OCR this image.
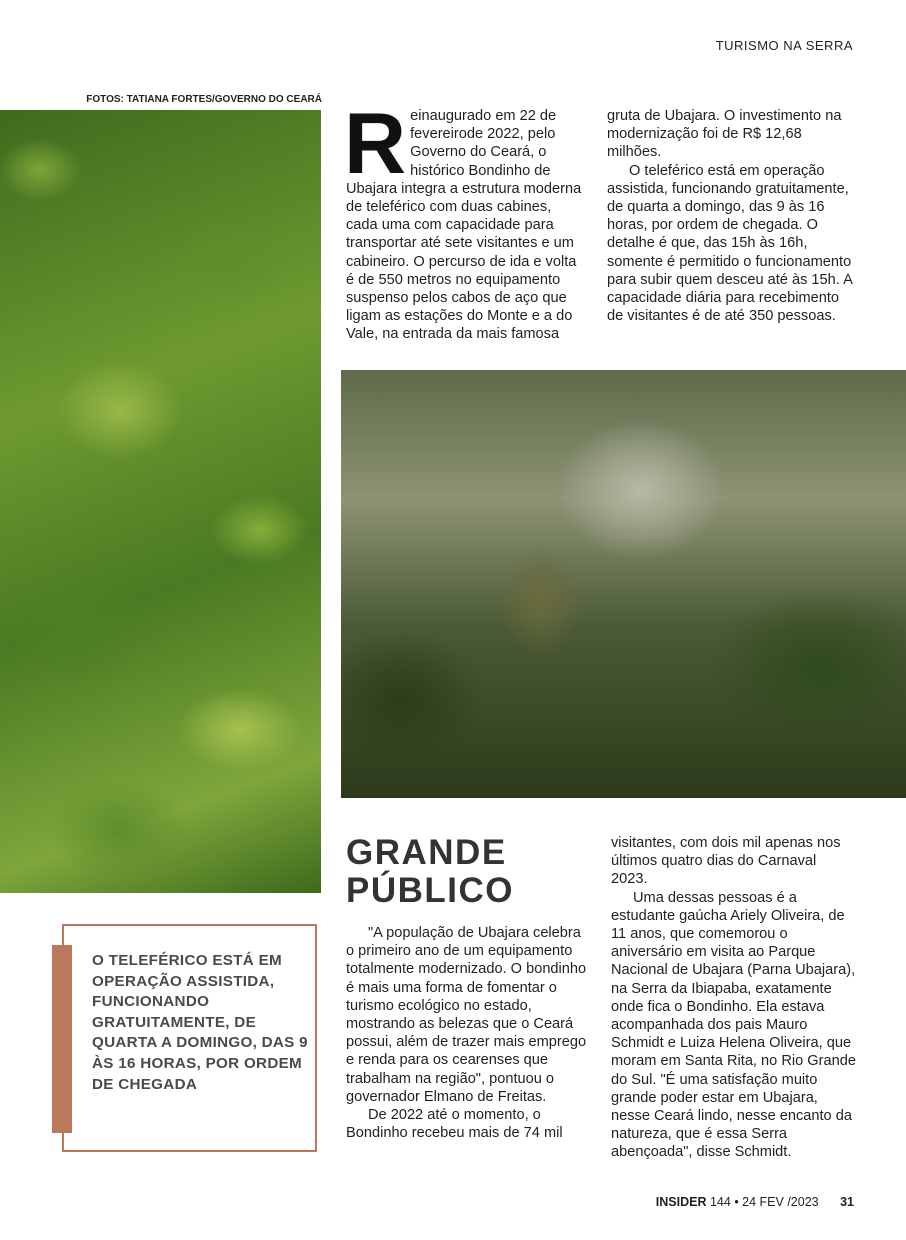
TURISMO NA SERRA
FOTOS: TATIANA FORTES/GOVERNO DO CEARÁ R einaugurado em 22 de fevereirode 2022, pelo Governo do Ceará, o histórico Bondinho de Ubajara integra a estrutura moderna de teleférico com duas cabines, cada uma com capacidade para transportar até sete visitantes e um cabineiro. O percurso de ida e volta é de 550 metros no equipamento suspenso pelos cabos de aço que ligam as estações do Monte e a do Vale, na entrada da mais famosa

gruta de Ubajara. O investimento na modernização foi de R$ 12,68 milhões.

O teleférico está em operação assistida, funcionando gratuitamente, de quarta a domingo, das 9 às 16 horas, por ordem de chegada. O detalhe é que, das 15h às 16h, somente é permitido o funcionamento para subir quem desceu até às 15h. A capacidade diária para recebimento de visitantes é de até 350 pessoas.

GRANDE
PÚBLICO

"A população de Ubajara celebra o primeiro ano de um equipamento totalmente modernizado. O bondinho é mais uma forma de fomentar o turismo ecológico no estado, mostrando as belezas que o Ceará possui, além de trazer mais emprego e renda para os cearenses que trabalham na região", pontuou o governador Elmano de Freitas.

De 2022 até o momento, o Bondinho recebeu mais de 74 mil

visitantes, com dois mil apenas nos últimos quatro dias do Carnaval 2023.

Uma dessas pessoas é a estudante gaúcha Ariely Oliveira, de 11 anos, que comemorou o aniversário em visita ao Parque Nacional de Ubajara (Parna Ubajara), na Serra da Ibiapaba, exatamente onde fica o Bondinho. Ela estava acompanhada dos pais Mauro Schmidt e Luiza Helena Oliveira, que moram em Santa Rita, no Rio Grande do Sul. "É uma satisfação muito grande poder estar em Ubajara, nesse Ceará lindo, nesse encanto da natureza, que é essa Serra abençoada", disse Schmidt.

O TELEFÉRICO ESTÁ EM OPERAÇÃO ASSISTIDA, FUNCIONANDO GRATUITAMENTE, DE QUARTA A DOMINGO, DAS 9 ÀS 16 HORAS, POR ORDEM DE CHEGADA
INSIDER 144 • 24 FEV /2023 31
